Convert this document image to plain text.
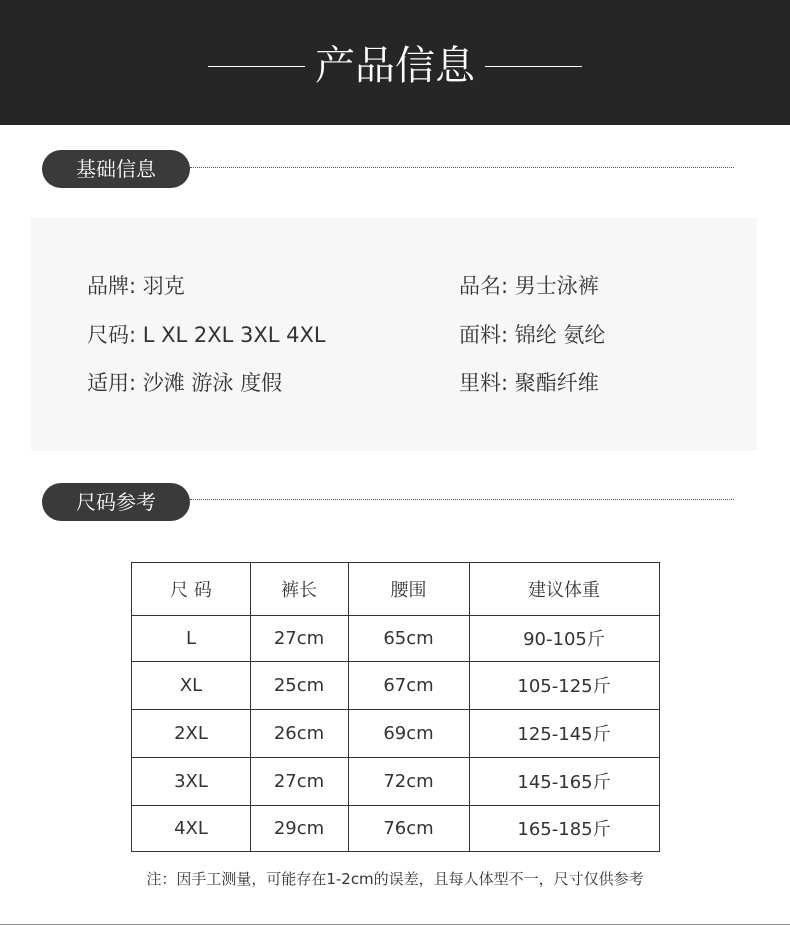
产品信息
基础信息
品牌: 羽克	品名: 男士泳裤
尺码: L XL 2XL 3XL 4XL	面料: 锦纶 氨纶
适用: 沙滩 游泳 度假	里料: 聚酯纤维
尺码参考
尺 码	裤长	腰围	建议体重
L	27cm	65cm	90-105斤
XL	25cm	67cm	105-125斤
2XL	26cm	69cm	125-145斤
3XL	27cm	72cm	145-165斤
4XL	29cm	76cm	165-185斤
注：因手工测量，可能存在1-2cm的误差，且每人体型不一，尺寸仅供参考
